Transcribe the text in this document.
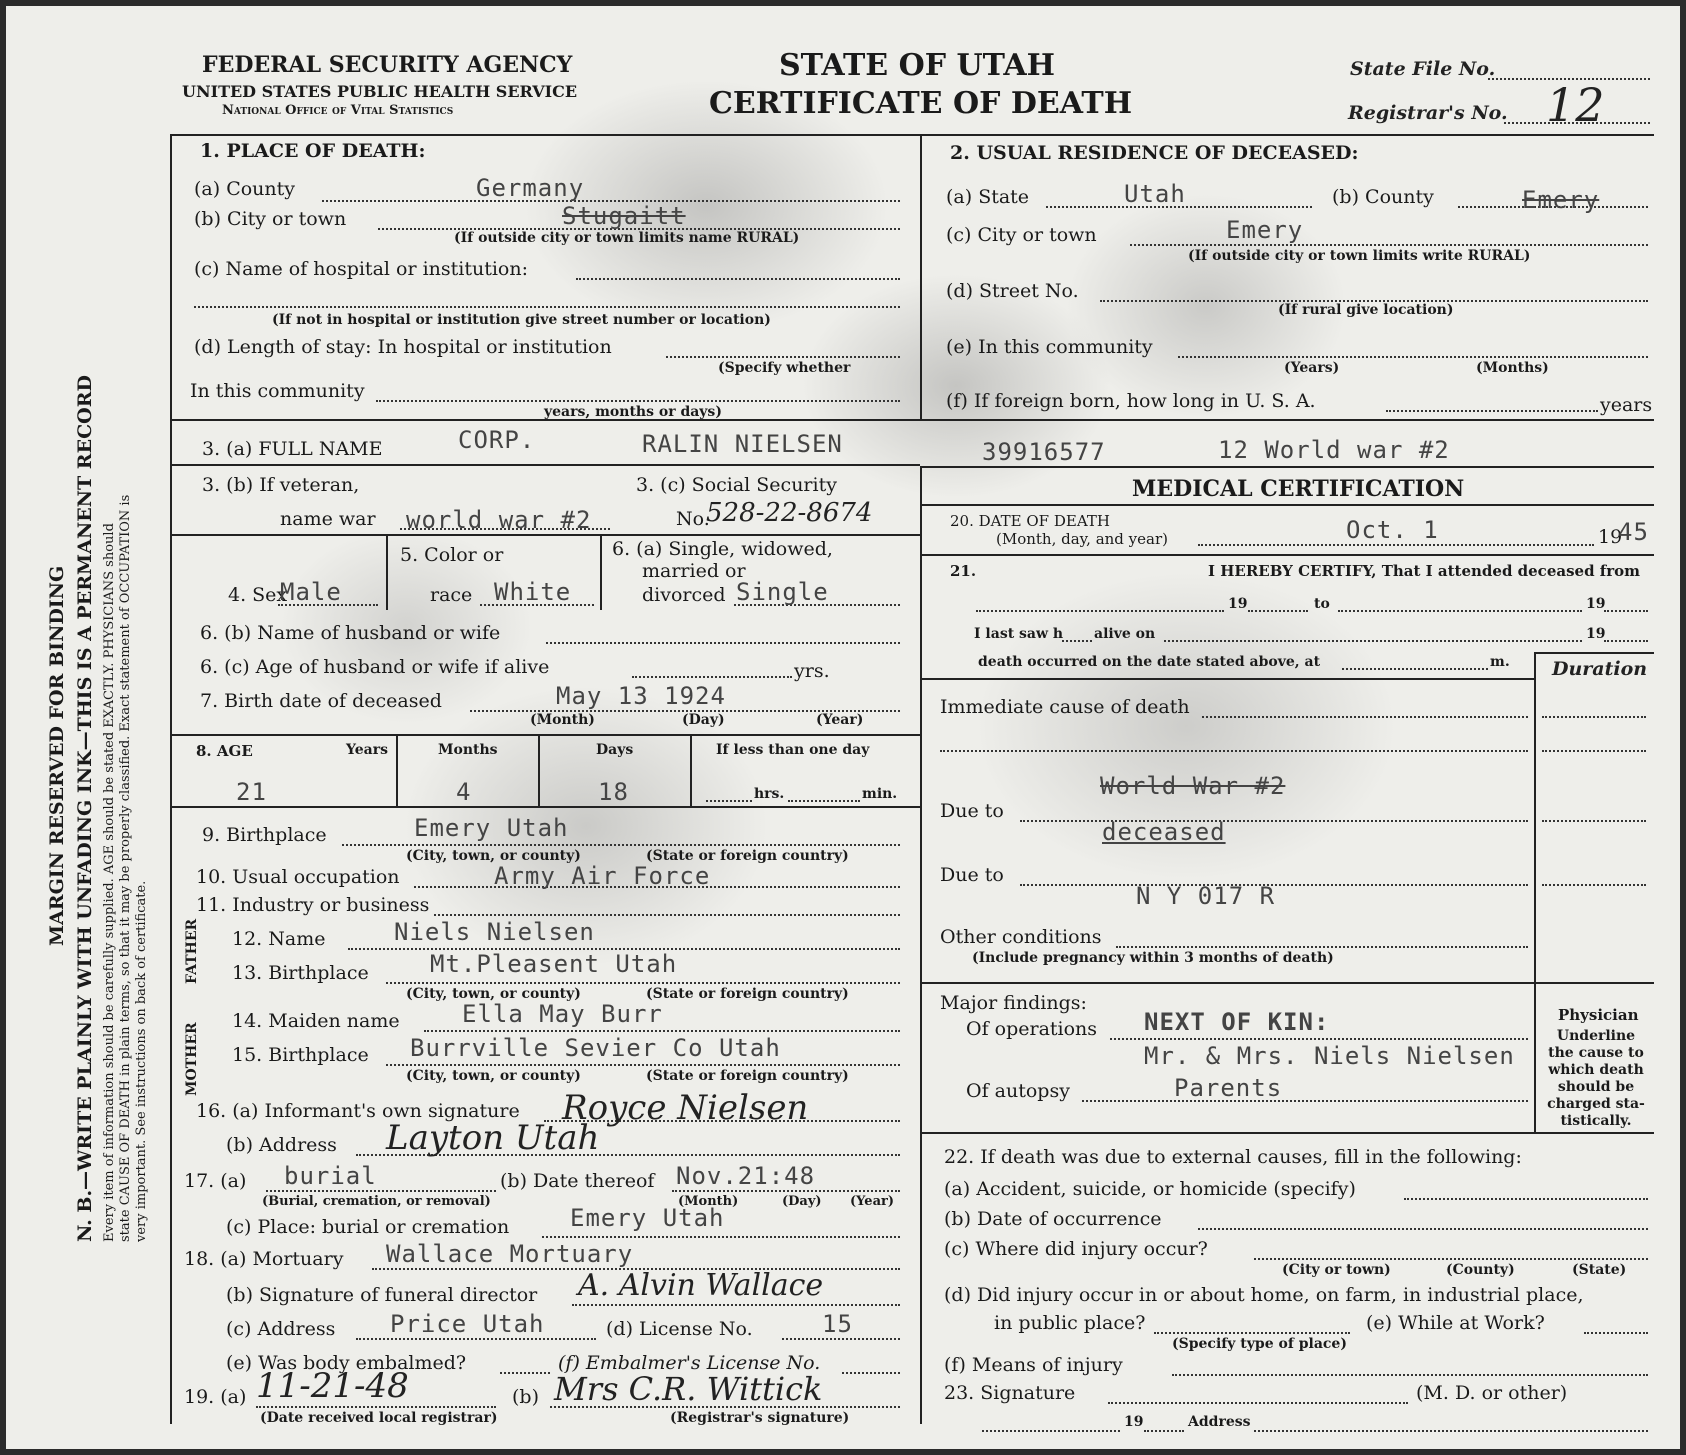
MARGIN RESERVED FOR BINDING N. B.—WRITE PLAINLY WITH UNFADING INK—THIS IS A PERMANENT RECORD Every item of information should be carefully supplied. AGE should be stated EXACTLY. PHYSICIANS should state CAUSE OF DEATH in plain terms, so that it may be properly classified. Exact statement of OCCUPATION is very important. See instructions on back of certificate.
FEDERAL SECURITY AGENCY
UNITED STATES PUBLIC HEALTH SERVICE
National Office of Vital Statistics
STATE OF UTAH
CERTIFICATE OF DEATH
State File No.
Registrar's No. 12
1. PLACE OF DEATH:
(a) County	Germany
(b) City or town	Stugaitt
(If outside city or town limits name RURAL)
(c) Name of hospital or institution:
(If not in hospital or institution give street number or location)
(d) Length of stay: In hospital or institution
(Specify whether
In this community
years, months or days)
2. USUAL RESIDENCE OF DECEASED:
(a) State	Utah	(b) County	Emery
(c) City or town	Emery
(If outside city or town limits write RURAL)
(d) Street No.
(If rural give location)
(e) In this community
(Years)	(Months)
(f) If foreign born, how long in U. S. A.	years
3. (a) FULL NAME	CORP.	RALIN NIELSEN	39916577	12 World war #2
3. (b) If veteran,
name war world war #2
3. (c) Social Security
No.
528-22-8674
4. Sex
Male
5. Color or
race White
6. (a) Single, widowed,
married or
divorced Single
6. (b) Name of husband or wife
6. (c) Age of husband or wife if alive	yrs.
7. Birth date of deceased	May 13 1924
(Month)	(Day)	(Year)
8. AGE	Years	Months	Days	If less than one day
21	4	18	hrs.	min.
9. Birthplace	Emery Utah
(City, town, or county)	(State or foreign country)
10. Usual occupation	Army Air Force
11. Industry or business
FATHER
MOTHER
12. Name	Niels Nielsen
13. Birthplace	Mt.Pleasent Utah
(City, town, or county)	(State or foreign country)
14. Maiden name	Ella May Burr
15. Birthplace Burrville Sevier Co Utah
(City, town, or county)	(State or foreign country)
16. (a) Informant's own signature Royce Nielsen
(b) Address Layton Utah
17. (a) burial
(Burial, cremation, or removal)
(b) Date thereof Nov.21:48
(Month)	(Day) (Year)
(c) Place: burial or cremation	Emery Utah
18. (a) Mortuary Wallace Mortuary
(b) Signature of funeral director A. Alvin Wallace
(c) Address Price Utah	(d) License No.	15
(e) Was body embalmed?	(f) Embalmer's License No.
19. (a) 11-21-48
(Date received local registrar)
(b) Mrs C.R. Wittick
(Registrar's signature)
MEDICAL CERTIFICATION
20. DATE OF DEATH
(Month, day, and year)	Oct. 1	19
45
21.	I HEREBY CERTIFY, That I attended deceased from
19	to	19
I last saw h alive on	19
death occurred on the date stated above, at	m. Duration
Immediate cause of death
Due to
World War #2
deceased
Due to
N Y 017 R
Other conditions
(Include pregnancy within 3 months of death)
Major findings:
Of operations NEXT OF KIN:
Mr. & Mrs. Niels Nielsen
Parents
Of autopsy
Physician
Underline
the cause to
which death
should be
charged sta-
tistically.
22. If death was due to external causes, fill in the following:
(a) Accident, suicide, or homicide (specify)
(b) Date of occurrence
(c) Where did injury occur?
(City or town)	(County)	(State)
(d) Did injury occur in or about home, on farm, in industrial place,
in public place?
(Specify type of place)
(e) While at Work?
(f) Means of injury
23. Signature	(M. D. or other)
19	Address
